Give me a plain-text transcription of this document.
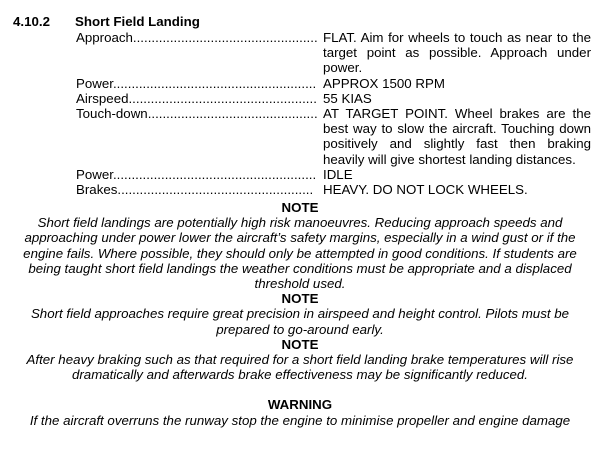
4.10.2 Short Field Landing
Approach.................................................. FLAT. Aim for wheels to touch as near to the target point as possible. Approach under power.
Power....................................................... APPROX 1500 RPM
Airspeed................................................... 55 KIAS
Touch-down.............................................. AT TARGET POINT. Wheel brakes are the best way to slow the aircraft. Touching down positively and slightly fast then braking heavily will give shortest landing distances.
Power....................................................... IDLE
Brakes..................................................... HEAVY. DO NOT LOCK WHEELS.
NOTE
Short field landings are potentially high risk manoeuvres. Reducing approach speeds and approaching under power lower the aircraft’s safety margins, especially in a wind gust or if the engine fails. Where possible, they should only be attempted in good conditions. If students are being taught short field landings the weather conditions must be appropriate and a displaced threshold used.
NOTE
Short field approaches require great precision in airspeed and height control. Pilots must be prepared to go-around early.
NOTE
After heavy braking such as that required for a short field landing brake temperatures will rise dramatically and afterwards brake effectiveness may be significantly reduced.
WARNING
If the aircraft overruns the runway stop the engine to minimise propeller and engine damage
